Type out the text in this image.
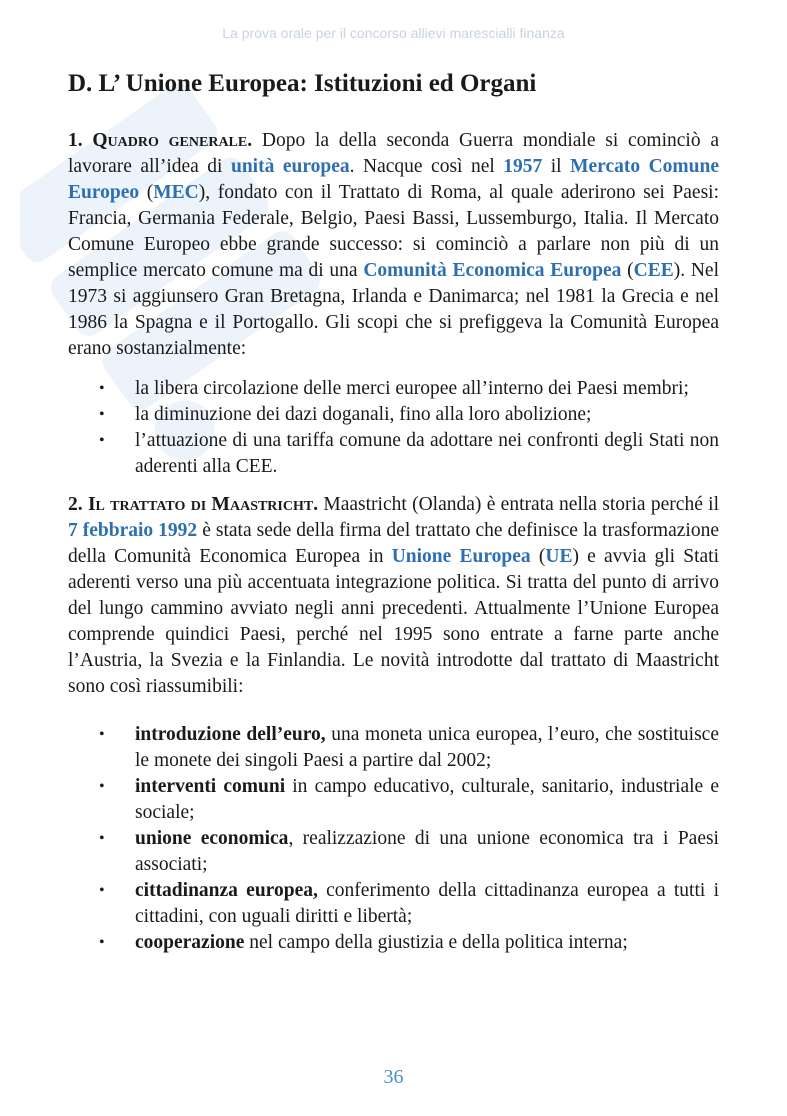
La prova orale per il concorso allievi marescialli finanza
D. L’ Unione Europea: Istituzioni ed Organi

1. Quadro generale. Dopo la della seconda Guerra mondiale si cominciò a lavorare all’idea di unità europea. Nacque così nel 1957 il Mercato Comune Europeo (MEC), fondato con il Trattato di Roma, al quale aderirono sei Paesi: Francia, Germania Federale, Belgio, Paesi Bassi, Lussemburgo, Italia. Il Mercato Comune Europeo ebbe grande successo: si cominciò a parlare non più di un semplice mercato comune ma di una Comunità Economica Europea (CEE). Nel 1973 si aggiunsero Gran Bretagna, Irlanda e Danimarca; nel 1981 la Grecia e nel 1986 la Spagna e il Portogallo. Gli scopi che si prefiggeva la Comunità Europea erano sostanzialmente:

• la libera circolazione delle merci europee all’interno dei Paesi membri;
• la diminuzione dei dazi doganali, fino alla loro abolizione;
• l’attuazione di una tariffa comune da adottare nei confronti degli Stati non aderenti alla CEE.

2. Il trattato di Maastricht. Maastricht (Olanda) è entrata nella storia perché il 7 febbraio 1992 è stata sede della firma del trattato che definisce la trasformazione della Comunità Economica Europea in Unione Europea (UE) e avvia gli Stati aderenti verso una più accentuata integrazione politica. Si tratta del punto di arrivo del lungo cammino avviato negli anni precedenti. Attualmente l’Unione Europea comprende quindici Paesi, perché nel 1995 sono entrate a farne parte anche l’Austria, la Svezia e la Finlandia. Le novità introdotte dal trattato di Maastricht sono così riassumibili:

• introduzione dell’euro, una moneta unica europea, l’euro, che sostituisce le monete dei singoli Paesi a partire dal 2002;
• interventi comuni in campo educativo, culturale, sanitario, industriale e sociale;
• unione economica, realizzazione di una unione economica tra i Paesi associati;
• cittadinanza europea, conferimento della cittadinanza europea a tutti i cittadini, con uguali diritti e libertà;
• cooperazione nel campo della giustizia e della politica interna;
36
